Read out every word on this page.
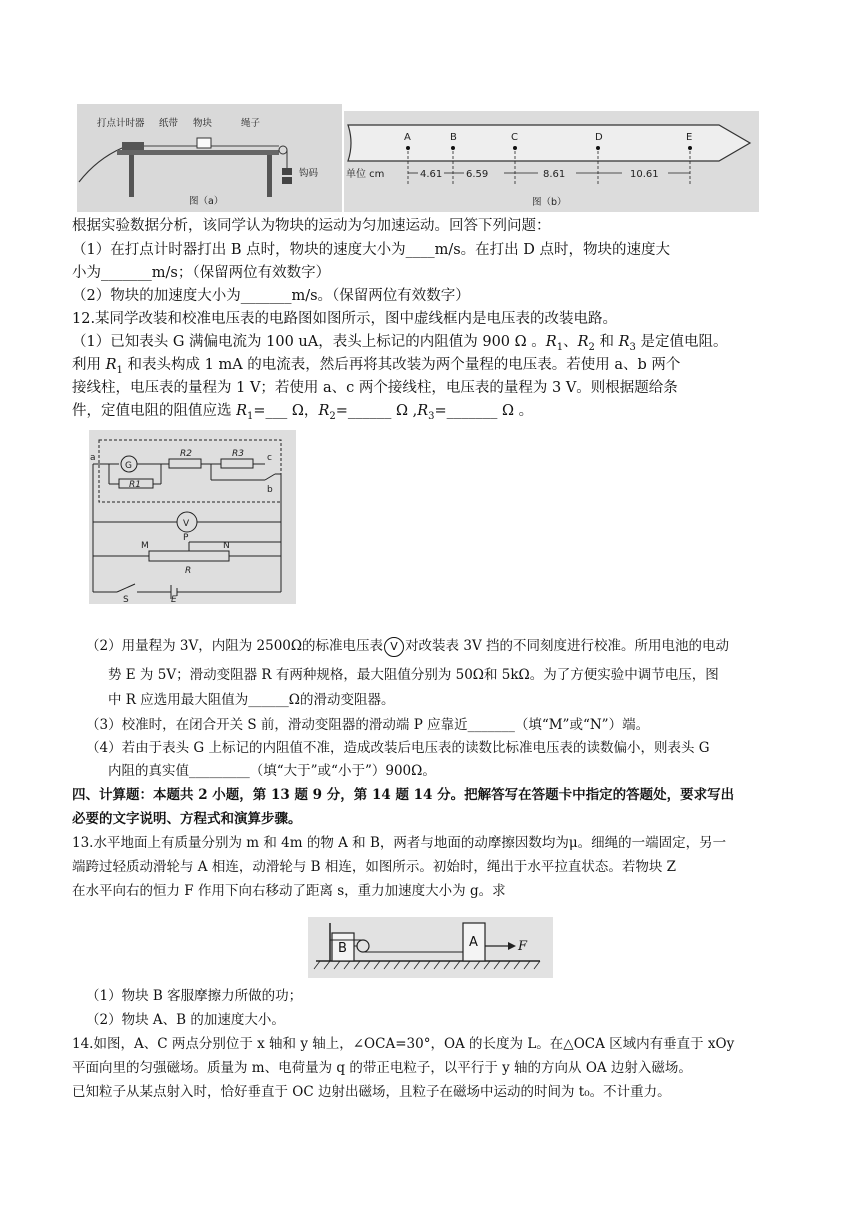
打点计时器 纸带 物块	绳子
钩码
图（a）
A	B	C	D	E
单位 cm	4.61 6.59	8.61	10.61
图（b）
根据实验数据分析，该同学认为物块的运动为匀加速运动。回答下列问题：
（1）在打点计时器打出 B 点时，物块的速度大小为____m/s。在打出 D 点时，物块的速度大
小为_______m/s；（保留两位有效数字）
（2）物块的加速度大小为_______m/s。（保留两位有效数字）
12.某同学改装和校准电压表的电路图如图所示，图中虚线框内是电压表的改装电路。
（1）已知表头 G 满偏电流为 100 uA，表头上标记的内阻值为 900 Ω 。$R_1$、$R_2$ 和 $R_3$ 是定值电阻。
利用 $R_1$ 和表头构成 1 mA 的电流表，然后再将其改装为两个量程的电压表。若使用 a、b 两个
接线柱，电压表的量程为 1 V；若使用 a、c 两个接线柱，电压表的量程为 3 V。则根据题给条
件，定值电阻的阻值应选 $R_1=\_\_\_$ Ω，$R_2=\_\_\_\_\_\_$ Ω $,R_3=\_\_\_\_\_\_\_$ Ω 。
a	c
b
G
R2	R3
R1
V
M
P
N
R
S	E
（2）用量程为 3V，内阻为 2500Ω的标准电压表 V 对改装表 3V 挡的不同刻度进行校准。所用电池的电动
势 E 为 5V；滑动变阻器 R 有两种规格，最大阻值分别为 50Ω和 5kΩ。为了方便实验中调节电压，图
中 R 应选用最大阻值为______Ω的滑动变阻器。
（3）校准时，在闭合开关 S 前，滑动变阻器的滑动端 P 应靠近_______（填“M”或“N”）端。
（4）若由于表头 G 上标记的内阻值不准，造成改装后电压表的读数比标准电压表的读数偏小，则表头 G
内阻的真实值_________（填“大于”或“小于”）900Ω。
四、计算题：本题共 2 小题，第 13 题 9 分，第 14 题 14 分。把解答写在答题卡中指定的答题处，要求写出
必要的文字说明、方程式和演算步骤。
13.水平地面上有质量分别为 m 和 4m 的物 A 和 B，两者与地面的动摩擦因数均为μ。细绳的一端固定，另一
端跨过轻质动滑轮与 A 相连，动滑轮与 B 相连，如图所示。初始时，绳出于水平拉直状态。若物块 Z
在水平向右的恒力 F 作用下向右移动了距离 s，重力加速度大小为 g。求
B	A	F
（1）物块 B 客服摩擦力所做的功；
（2）物块 A、B 的加速度大小。
14.如图，A、C 两点分别位于 x 轴和 y 轴上，∠OCA=30°，OA 的长度为 L。在△OCA 区域内有垂直于 xOy
平面向里的匀强磁场。质量为 m、电荷量为 q 的带正电粒子，以平行于 y 轴的方向从 OA 边射入磁场。
已知粒子从某点射入时，恰好垂直于 OC 边射出磁场，且粒子在磁场中运动的时间为 t₀。不计重力。
